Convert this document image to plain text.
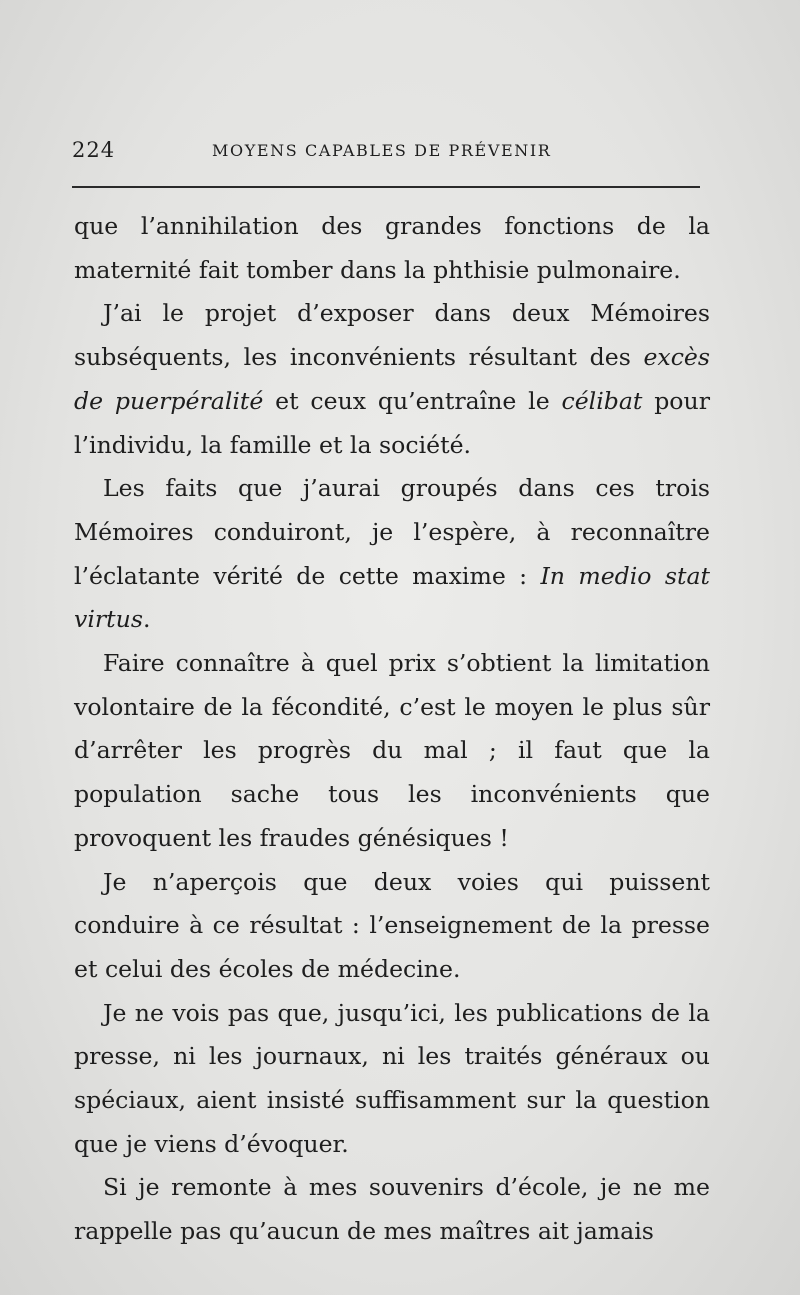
224	MOYENS CAPABLES DE PRÉVENIR

que l’annihilation des grandes fonctions de la maternité fait tomber dans la phthisie pulmonaire.

J’ai le projet d’exposer dans deux Mémoires subséquents, les inconvénients résultant des excès de puerpéralité et ceux qu’entraîne le célibat pour l’individu, la famille et la société.

Les faits que j’aurai groupés dans ces trois Mémoires conduiront, je l’espère, à reconnaître l’éclatante vérité de cette maxime : In medio stat virtus.

Faire connaître à quel prix s’obtient la limitation volontaire de la fécondité, c’est le moyen le plus sûr d’arrêter les progrès du mal ; il faut que la population sache tous les inconvénients que provoquent les fraudes génésiques !

Je n’aperçois que deux voies qui puissent conduire à ce résultat : l’enseignement de la presse et celui des écoles de médecine.

Je ne vois pas que, jusqu’ici, les publications de la presse, ni les journaux, ni les traités généraux ou spéciaux, aient insisté suffisamment sur la question que je viens d’évoquer.

Si je remonte à mes souvenirs d’école, je ne me rappelle pas qu’aucun de mes maîtres ait jamais
